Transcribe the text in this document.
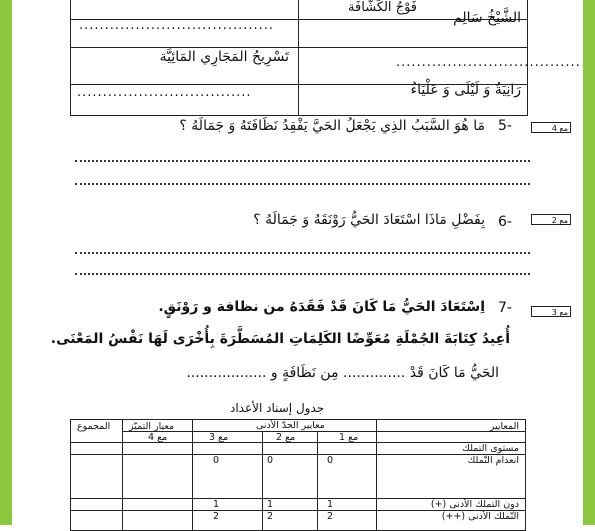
فَوْجُ الكَشَّافَة
الشَّيْخُ سَالِم
......................................
تَسْرِيحُ المَجَارِي المَائِيَّة	....................................
رَانِيَةُ وَ لَيْلَى وَ عَلْيَاءُ
..................................
مع 4
5-
مَا هُوَ السَّبَبُ الذِي يَجْعَلُ الحَيَّ يَفْقِدُ نَظَافَتَهُ وَ جَمَالَهُ ؟
مع 2
6-
بِفَضْلِ مَاذَا اسْتَعَادَ الحَيُّ رَوْنَقَهُ وَ جَمَالَهُ ؟
مع 3
7-
اِسْتَعَادَ الحَيُّ مَا كَانَ قَدْ فَقَدَهُ من نظافة و رَوْنَقٍ.
أُعِيدُ كِتَابَةَ الجُمْلَةِ مُعَوِّضًا الكَلِمَاتِ المُسَطَّرَةَ بِأُخْرَى لَهَا نَفْسُ المَعْنَى.
الحَيُّ مَا كَانَ قَدْ .............. مِن نَظَافَةٍ و ..................
جدول إسناد الأعداد
المعايير
معايير الحدّ الأدنى
معيار التميّز
المجموع
مع 1
مع 2
مع 3
مع 4
مستوى التملك
انعدام التّملك
0
0
0
دون التملك الأدنى (+)
1
1
1
التّملك الأدنى (++)
2
2
2
